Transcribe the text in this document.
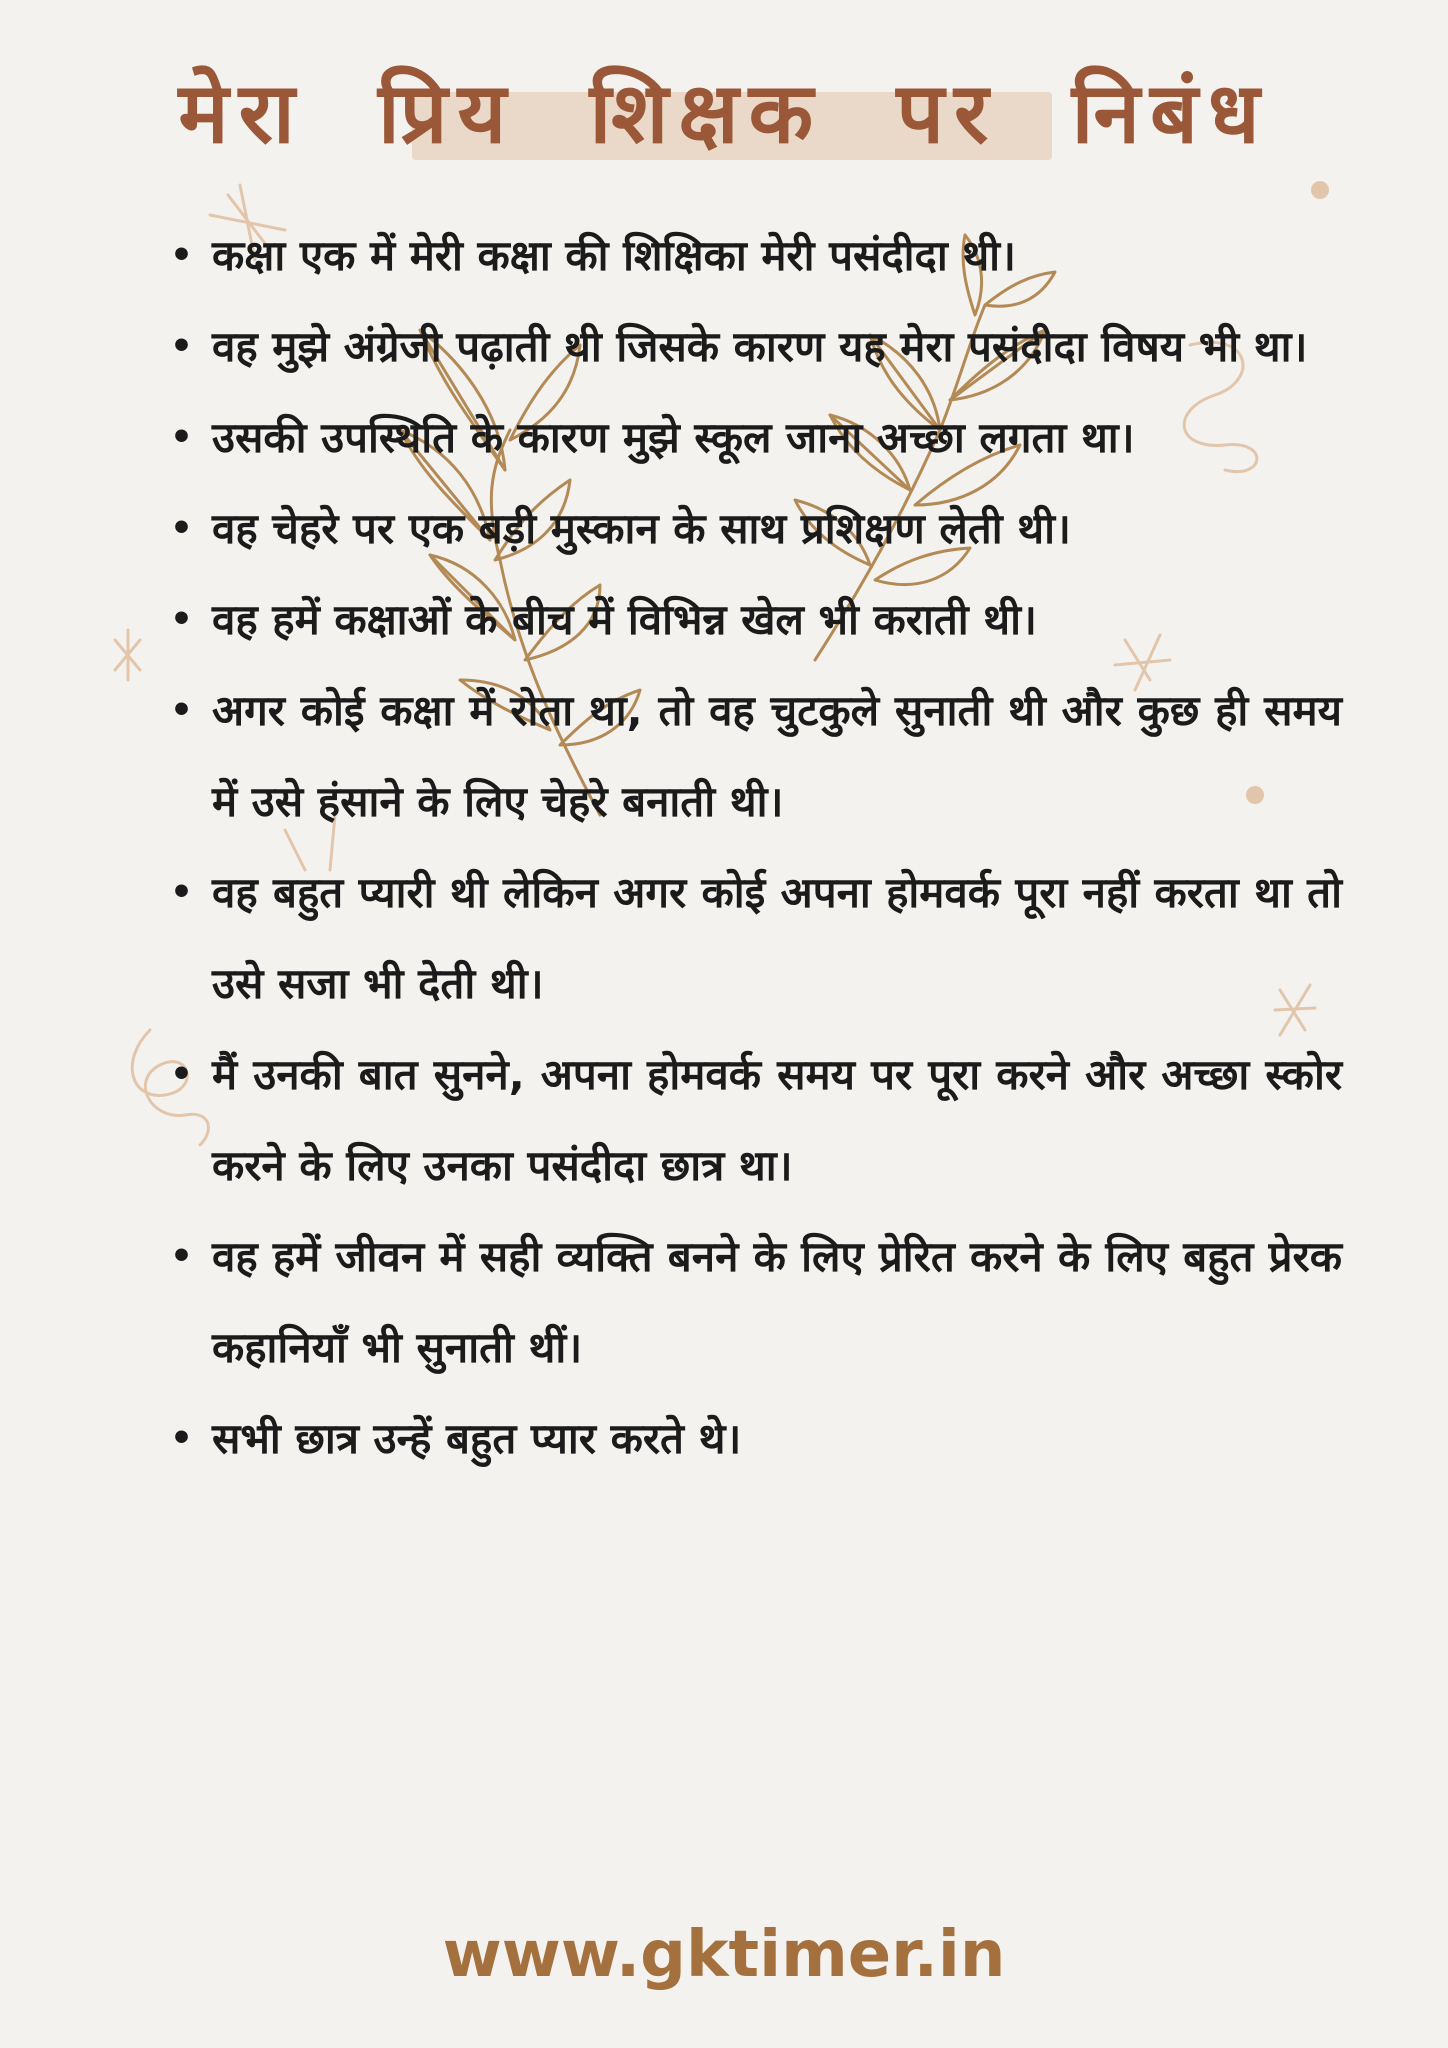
मेरा प्रिय शिक्षक पर निबंध
• कक्षा एक में मेरी कक्षा की शिक्षिका मेरी पसंदीदा थी।
• वह मुझे अंग्रेजी पढ़ाती थी जिसके कारण यह मेरा पसंदीदा विषय भी था।
• उसकी उपस्थिति के कारण मुझे स्कूल जाना अच्छा लगता था।
• वह चेहरे पर एक बड़ी मुस्कान के साथ प्रशिक्षण लेती थी।
• वह हमें कक्षाओं के बीच में विभिन्न खेल भी कराती थी।
• अगर कोई कक्षा में रोता था, तो वह चुटकुले सुनाती थी और कुछ ही समय में उसे हंसाने के लिए चेहरे बनाती थी।
• वह बहुत प्यारी थी लेकिन अगर कोई अपना होमवर्क पूरा नहीं करता था तो उसे सजा भी देती थी।
• मैं उनकी बात सुनने, अपना होमवर्क समय पर पूरा करने और अच्छा स्कोर करने के लिए उनका पसंदीदा छात्र था।
• वह हमें जीवन में सही व्यक्ति बनने के लिए प्रेरित करने के लिए बहुत प्रेरक कहानियाँ भी सुनाती थीं।
• सभी छात्र उन्हें बहुत प्यार करते थे।

www.gktimer.in
